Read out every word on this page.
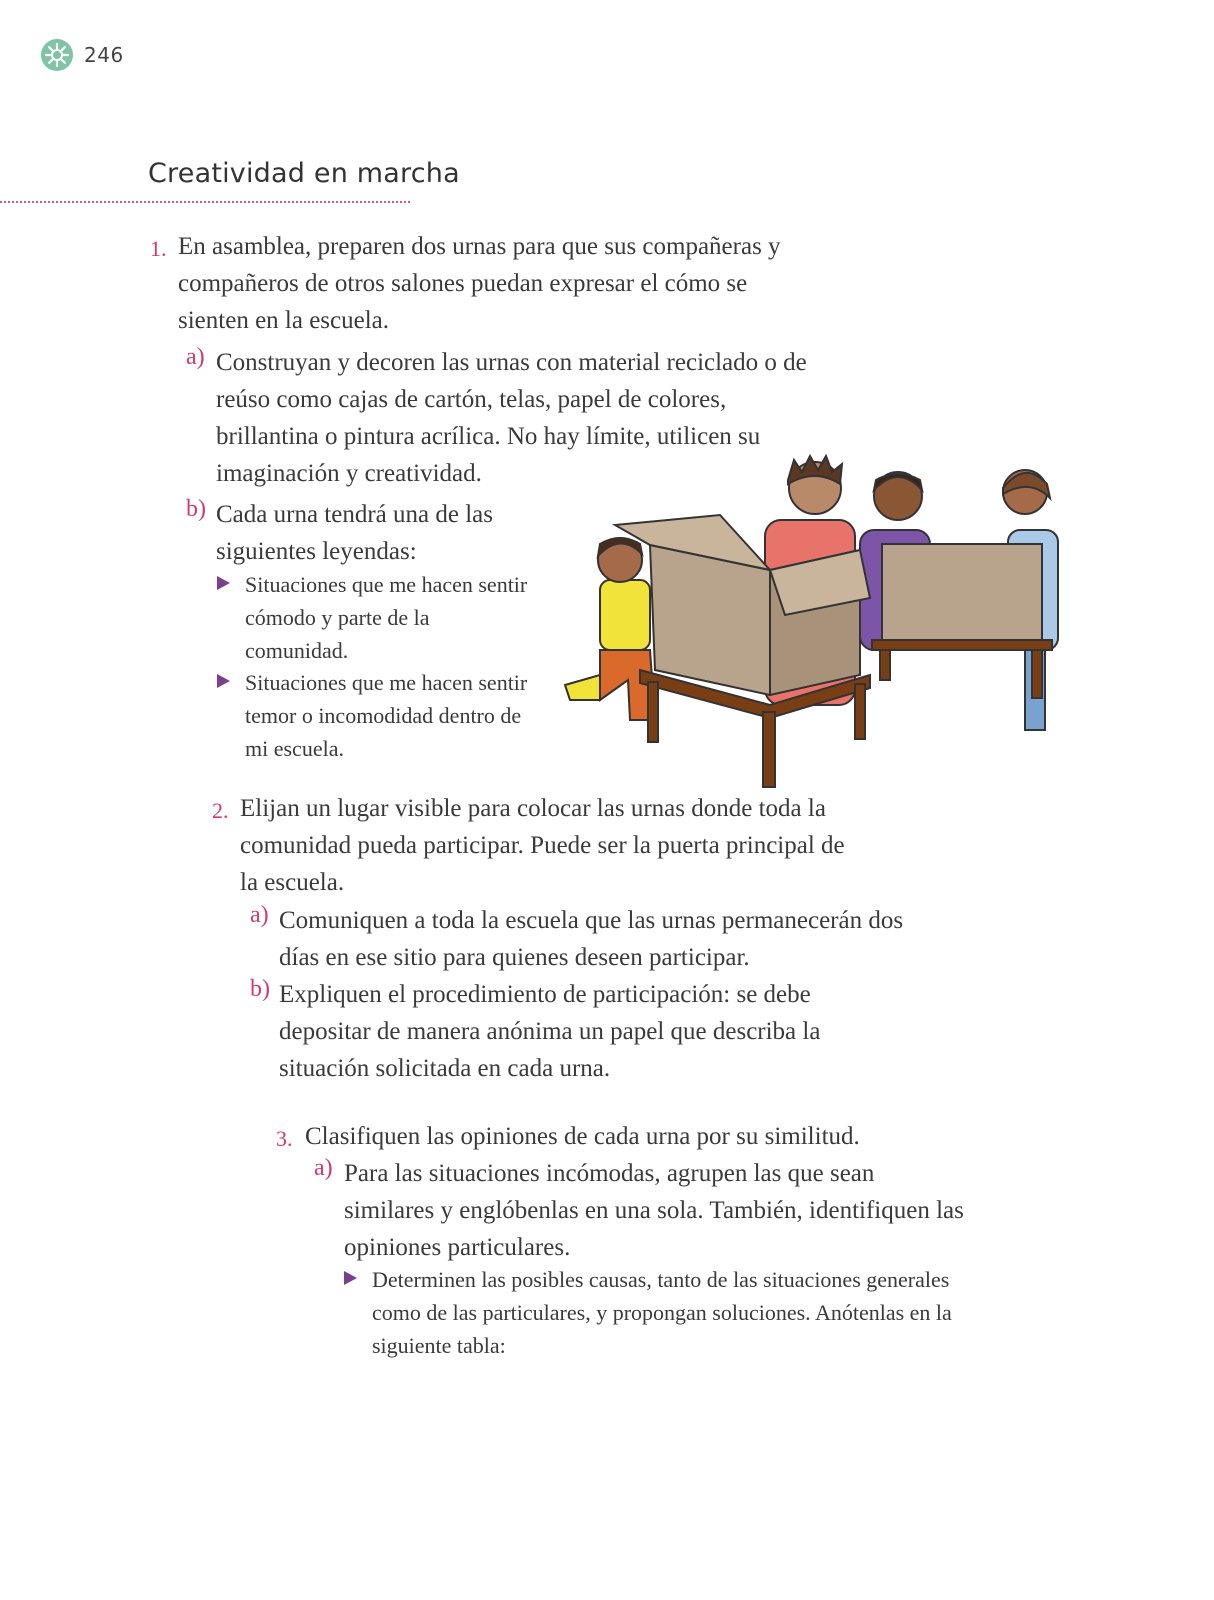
246
Creatividad en marcha
1. En asamblea, preparen dos urnas para que sus compañeras y compañeros de otros salones puedan expresar el cómo se sienten en la escuela.
a) Construyan y decoren las urnas con material reciclado o de reúso como cajas de cartón, telas, papel de colores, brillantina o pintura acrílica. No hay límite, utilicen su imaginación y creatividad.
b) Cada urna tendrá una de las siguientes leyendas:
Situaciones que me hacen sentir cómodo y parte de la comunidad.
Situaciones que me hacen sentir temor o incomodidad dentro de mi escuela.
2. Elijan un lugar visible para colocar las urnas donde toda la comunidad pueda participar. Puede ser la puerta principal de la escuela.
a) Comuniquen a toda la escuela que las urnas permanecerán dos días en ese sitio para quienes deseen participar.
b) Expliquen el procedimiento de participación: se debe depositar de manera anónima un papel que describa la situación solicitada en cada urna.
3. Clasifiquen las opiniones de cada urna por su similitud.
a) Para las situaciones incómodas, agrupen las que sean similares y englóbenlas en una sola. También, identifiquen las opiniones particulares.
Determinen las posibles causas, tanto de las situaciones generales como de las particulares, y propongan soluciones. Anótenlas en la siguiente tabla:
